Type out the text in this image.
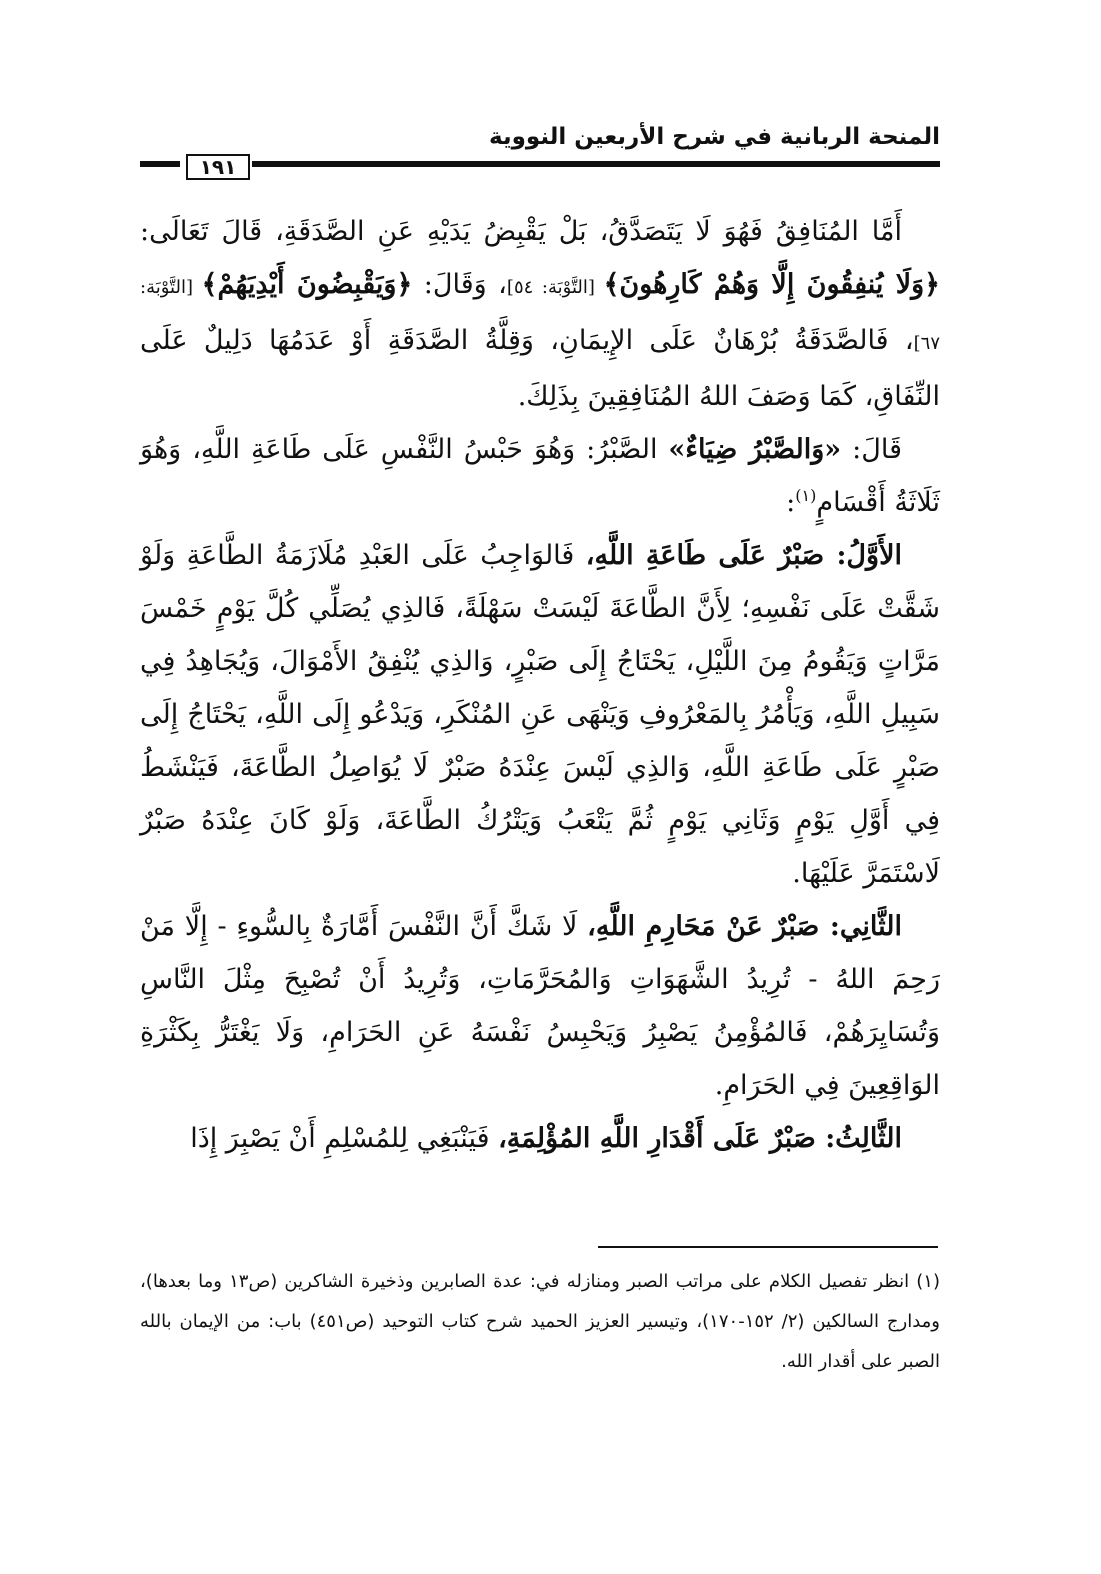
المنحة الربانية في شرح الأربعين النووية
١٩١

أَمَّا المُنَافِقُ فَهُوَ لَا يَتَصَدَّقُ، بَلْ يَقْبِضُ يَدَيْهِ عَنِ الصَّدَقَةِ، قَالَ تَعَالَى: ﴿وَلَا يُنفِقُونَ إِلَّا وَهُمْ كَارِهُونَ﴾ [التَّوْبَة: ٥٤]، وَقَالَ: ﴿وَيَقْبِضُونَ أَيْدِيَهُمْ﴾ [التَّوْبَة: ٦٧]، فَالصَّدَقَةُ بُرْهَانٌ عَلَى الإِيمَانِ، وَقِلَّةُ الصَّدَقَةِ أَوْ عَدَمُهَا دَلِيلٌ عَلَى النِّفَاقِ، كَمَا وَصَفَ اللهُ المُنَافِقِينَ بِذَلِكَ.

قَالَ: «وَالصَّبْرُ ضِيَاءٌ» الصَّبْرُ: وَهُوَ حَبْسُ النَّفْسِ عَلَى طَاعَةِ اللَّهِ، وَهُوَ ثَلَاثَةُ أَقْسَامٍ$^{(١)}$:

الأَوَّلُ: صَبْرٌ عَلَى طَاعَةِ اللَّهِ، فَالوَاجِبُ عَلَى العَبْدِ مُلَازَمَةُ الطَّاعَةِ وَلَوْ شَقَّتْ عَلَى نَفْسِهِ؛ لِأَنَّ الطَّاعَةَ لَيْسَتْ سَهْلَةً، فَالذِي يُصَلِّي كُلَّ يَوْمٍ خَمْسَ مَرَّاتٍ وَيَقُومُ مِنَ اللَّيْلِ، يَحْتَاجُ إِلَى صَبْرٍ، وَالذِي يُنْفِقُ الأَمْوَالَ، وَيُجَاهِدُ فِي سَبِيلِ اللَّهِ، وَيَأْمُرُ بِالمَعْرُوفِ وَيَنْهَى عَنِ المُنْكَرِ، وَيَدْعُو إِلَى اللَّهِ، يَحْتَاجُ إِلَى صَبْرٍ عَلَى طَاعَةِ اللَّهِ، وَالذِي لَيْسَ عِنْدَهُ صَبْرٌ لَا يُوَاصِلُ الطَّاعَةَ، فَيَنْشَطُ فِي أَوَّلِ يَوْمٍ وَثَانِي يَوْمٍ ثُمَّ يَتْعَبُ وَيَتْرُكُ الطَّاعَةَ، وَلَوْ كَانَ عِنْدَهُ صَبْرٌ لَاسْتَمَرَّ عَلَيْهَا.

الثَّانِي: صَبْرٌ عَنْ مَحَارِمِ اللَّهِ، لَا شَكَّ أَنَّ النَّفْسَ أَمَّارَةٌ بِالسُّوءِ - إِلَّا مَنْ رَحِمَ اللهُ - تُرِيدُ الشَّهَوَاتِ وَالمُحَرَّمَاتِ، وَتُرِيدُ أَنْ تُصْبِحَ مِثْلَ النَّاسِ وَتُسَايِرَهُمْ، فَالمُؤْمِنُ يَصْبِرُ وَيَحْبِسُ نَفْسَهُ عَنِ الحَرَامِ، وَلَا يَغْتَرُّ بِكَثْرَةِ الوَاقِعِينَ فِي الحَرَامِ.

الثَّالِثُ: صَبْرٌ عَلَى أَقْدَارِ اللَّهِ المُؤْلِمَةِ، فَيَنْبَغِي لِلمُسْلِمِ أَنْ يَصْبِرَ إِذَا

(١) انظر تفصيل الكلام على مراتب الصبر ومنازله في: عدة الصابرين وذخيرة الشاكرين (ص١٣ وما بعدها)، ومدارج السالكين (٢/ ١٥٢-١٧٠)، وتيسير العزيز الحميد شرح كتاب التوحيد (ص٤٥١) باب: من الإيمان بالله الصبر على أقدار الله.
